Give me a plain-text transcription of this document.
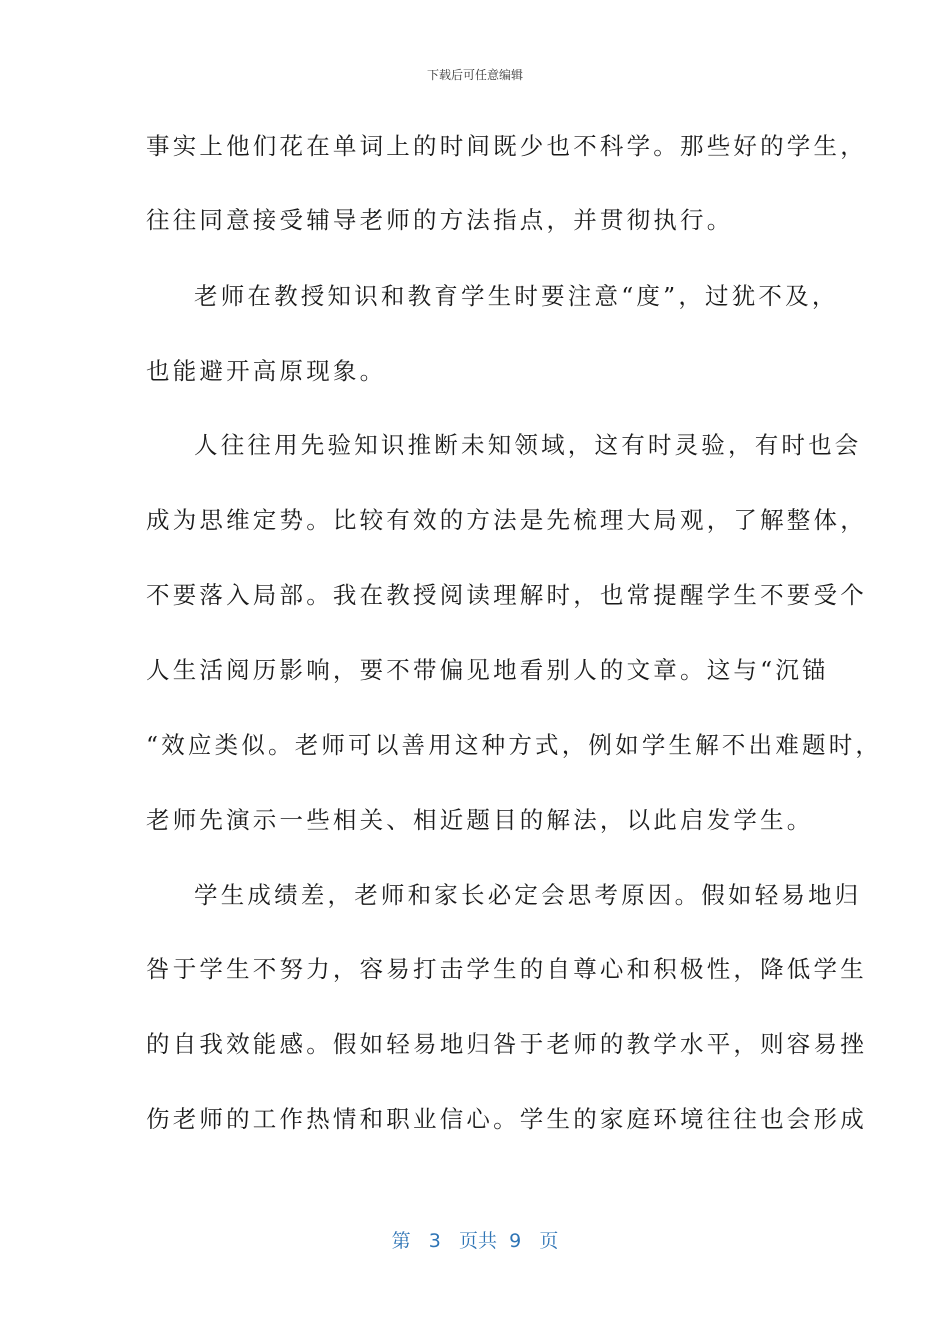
下载后可任意编辑
事实上他们花在单词上的时间既少也不科学。那些好的学生，
往往同意接受辅导老师的方法指点，并贯彻执行。
老师在教授知识和教育学生时要注意“度”，过犹不及，
也能避开高原现象。
人往往用先验知识推断未知领域，这有时灵验，有时也会
成为思维定势。比较有效的方法是先梳理大局观，了解整体，
不要落入局部。我在教授阅读理解时，也常提醒学生不要受个
人生活阅历影响，要不带偏见地看别人的文章。这与“沉锚
“效应类似。老师可以善用这种方式，例如学生解不出难题时，
老师先演示一些相关、相近题目的解法，以此启发学生。
学生成绩差，老师和家长必定会思考原因。假如轻易地归
咎于学生不努力，容易打击学生的自尊心和积极性，降低学生
的自我效能感。假如轻易地归咎于老师的教学水平，则容易挫
伤老师的工作热情和职业信心。学生的家庭环境往往也会形成
第 3 页共 9 页
